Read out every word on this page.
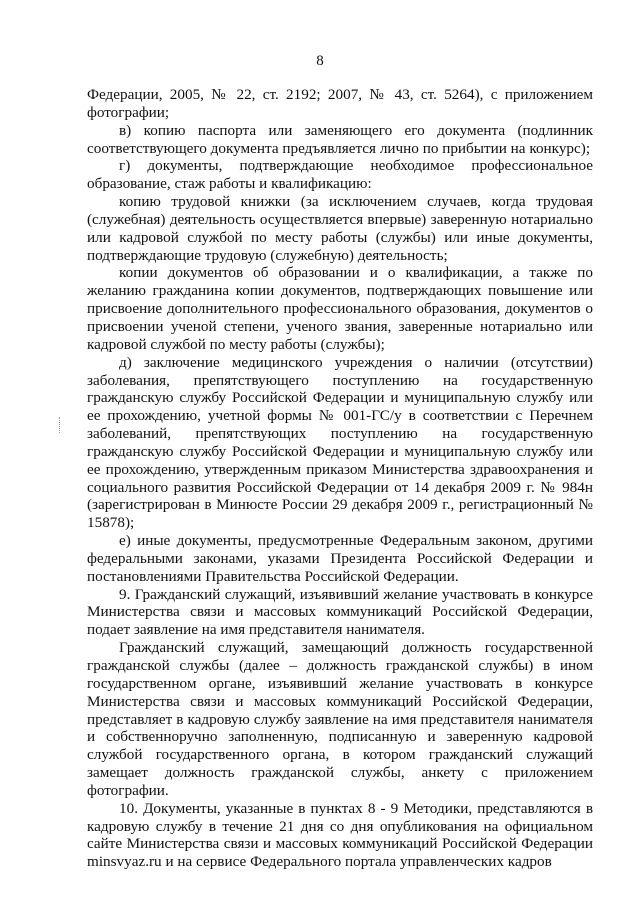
8

Федерации, 2005, № 22, ст. 2192; 2007, № 43, ст. 5264), с приложением фотографии;

в) копию паспорта или заменяющего его документа (подлинник соответствующего документа предъявляется лично по прибытии на конкурс);

г) документы, подтверждающие необходимое профессиональное образование, стаж работы и квалификацию:

копию трудовой книжки (за исключением случаев, когда трудовая (служебная) деятельность осуществляется впервые) заверенную нотариально или кадровой службой по месту работы (службы) или иные документы, подтверждающие трудовую (служебную) деятельность;

копии документов об образовании и о квалификации, а также по желанию гражданина копии документов, подтверждающих повышение или присвоение дополнительного профессионального образования, документов о присвоении ученой степени, ученого звания, заверенные нотариально или кадровой службой по месту работы (службы);

д) заключение медицинского учреждения о наличии (отсутствии) заболевания, препятствующего поступлению на государственную гражданскую службу Российской Федерации и муниципальную службу или ее прохождению, учетной формы № 001-ГС/у в соответствии с Перечнем заболеваний, препятствующих поступлению на государственную гражданскую службу Российской Федерации и муниципальную службу или ее прохождению, утвержденным приказом Министерства здравоохранения и социального развития Российской Федерации от 14 декабря 2009 г. № 984н (зарегистрирован в Минюсте России 29 декабря 2009 г., регистрационный № 15878);

е) иные документы, предусмотренные Федеральным законом, другими федеральными законами, указами Президента Российской Федерации и постановлениями Правительства Российской Федерации.

9. Гражданский служащий, изъявивший желание участвовать в конкурсе Министерства связи и массовых коммуникаций Российской Федерации, подает заявление на имя представителя нанимателя.

Гражданский служащий, замещающий должность государственной гражданской службы (далее – должность гражданской службы) в ином государственном органе, изъявивший желание участвовать в конкурсе Министерства связи и массовых коммуникаций Российской Федерации, представляет в кадровую службу заявление на имя представителя нанимателя и собственноручно заполненную, подписанную и заверенную кадровой службой государственного органа, в котором гражданский служащий замещает должность гражданской службы, анкету с приложением фотографии.

10. Документы, указанные в пунктах 8 - 9 Методики, представляются в кадровую службу в течение 21 дня со дня опубликования на официальном сайте Министерства связи и массовых коммуникаций Российской Федерации minsvyaz.ru и на сервисе Федерального портала управленческих кадров
